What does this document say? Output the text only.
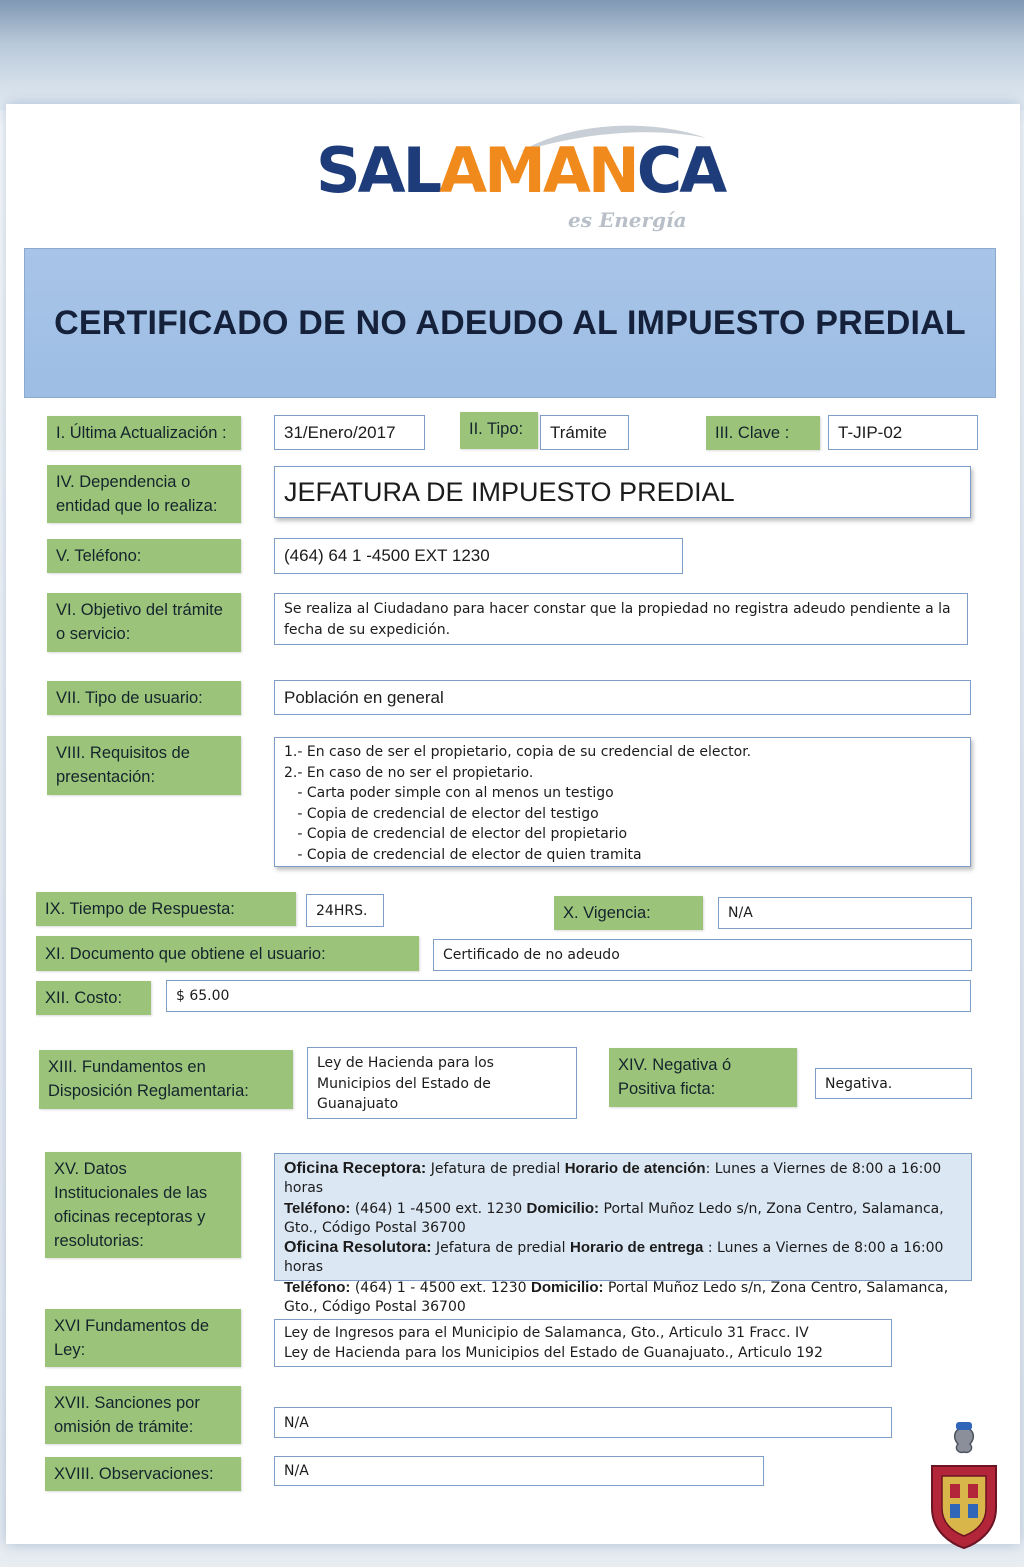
SALAMANCA
es Energía
CERTIFICADO DE NO ADEUDO AL IMPUESTO PREDIAL
I. Última Actualización :	31/Enero/2017	II. Tipo:	Trámite	III. Clave :	T-JIP-02
IV. Dependencia o entidad que lo realiza:	JEFATURA DE IMPUESTO PREDIAL
V. Teléfono:	(464) 64 1 -4500 EXT 1230
VI. Objetivo del trámite o servicio:
Se realiza al Ciudadano para hacer constar que la propiedad no registra adeudo pendiente a la fecha de su expedición.
VII. Tipo de usuario:	Población en general
VIII. Requisitos de presentación:
1.- En caso de ser el propietario, copia de su credencial de elector.
2.- En caso de no ser el propietario.
- Carta poder simple con al menos un testigo
- Copia de credencial de elector del testigo
- Copia de credencial de elector del propietario
- Copia de credencial de elector de quien tramita
IX. Tiempo de Respuesta:	24HRS.	X. Vigencia:	N/A
XI. Documento que obtiene el usuario:	Certificado de no adeudo
XII. Costo:	$ 65.00
XIII. Fundamentos en Disposición Reglamentaria:
Ley de Hacienda para los Municipios del Estado de Guanajuato
XIV. Negativa ó Positiva ficta:	Negativa.
XV. Datos Institucionales de las oficinas receptoras y resolutorias:
Oficina Receptora: Jefatura de predial Horario de atención: Lunes a Viernes de 8:00 a 16:00 horas
Teléfono: (464) 1 -4500 ext. 1230 Domicilio: Portal Muñoz Ledo s/n, Zona Centro, Salamanca, Gto., Código Postal 36700
Oficina Resolutora: Jefatura de predial Horario de entrega : Lunes a Viernes de 8:00 a 16:00 horas
Teléfono: (464) 1 - 4500 ext. 1230 Domicilio: Portal Muñoz Ledo s/n, Zona Centro, Salamanca, Gto., Código Postal 36700
XVI Fundamentos de Ley:
Ley de Ingresos para el Municipio de Salamanca, Gto., Articulo 31 Fracc. IV
Ley de Hacienda para los Municipios del Estado de Guanajuato., Articulo 192
XVII. Sanciones por omisión de trámite:	N/A
XVIII. Observaciones:	N/A
